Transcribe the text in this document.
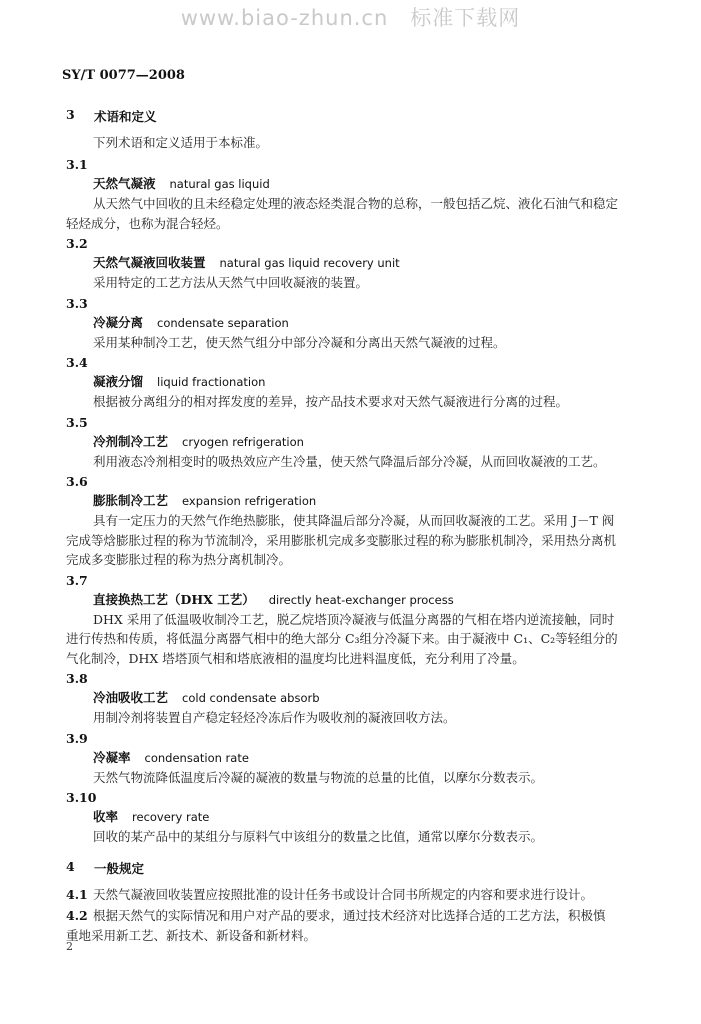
www.biao-zhun.cn 标准下载网
SY/T 0077—2008
3 术语和定义
下列术语和定义适用于本标准。
3.1
天然气凝液 natural gas liquid
从天然气中回收的且未经稳定处理的液态烃类混合物的总称，一般包括乙烷、液化石油气和稳定
轻烃成分，也称为混合轻烃。
3.2
天然气凝液回收装置 natural gas liquid recovery unit
采用特定的工艺方法从天然气中回收凝液的装置。
3.3
冷凝分离 condensate separation
采用某种制冷工艺，使天然气组分中部分冷凝和分离出天然气凝液的过程。
3.4
凝液分馏 liquid fractionation
根据被分离组分的相对挥发度的差异，按产品技术要求对天然气凝液进行分离的过程。
3.5
冷剂制冷工艺 cryogen refrigeration
利用液态冷剂相变时的吸热效应产生冷量，使天然气降温后部分冷凝，从而回收凝液的工艺。
3.6
膨胀制冷工艺 expansion refrigeration
具有一定压力的天然气作绝热膨胀，使其降温后部分冷凝，从而回收凝液的工艺。采用 J－T 阀
完成等焓膨胀过程的称为节流制冷，采用膨胀机完成多变膨胀过程的称为膨胀机制冷，采用热分离机
完成多变膨胀过程的称为热分离机制冷。
3.7
直接换热工艺（DHX 工艺） directly heat-exchanger process
DHX 采用了低温吸收制冷工艺，脱乙烷塔顶冷凝液与低温分离器的气相在塔内逆流接触，同时
进行传热和传质，将低温分离器气相中的绝大部分 C₃组分冷凝下来。由于凝液中 C₁、C₂等轻组分的
气化制冷，DHX 塔塔顶气相和塔底液相的温度均比进料温度低，充分利用了冷量。
3.8
冷油吸收工艺 cold condensate absorb
用制冷剂将装置自产稳定轻烃冷冻后作为吸收剂的凝液回收方法。
3.9
冷凝率 condensation rate
天然气物流降低温度后冷凝的凝液的数量与物流的总量的比值，以摩尔分数表示。
3.10
收率 recovery rate
回收的某产品中的某组分与原料气中该组分的数量之比值，通常以摩尔分数表示。
4 一般规定
4.1 天然气凝液回收装置应按照批准的设计任务书或设计合同书所规定的内容和要求进行设计。
4.2 根据天然气的实际情况和用户对产品的要求，通过技术经济对比选择合适的工艺方法，积极慎
重地采用新工艺、新技术、新设备和新材料。
2
